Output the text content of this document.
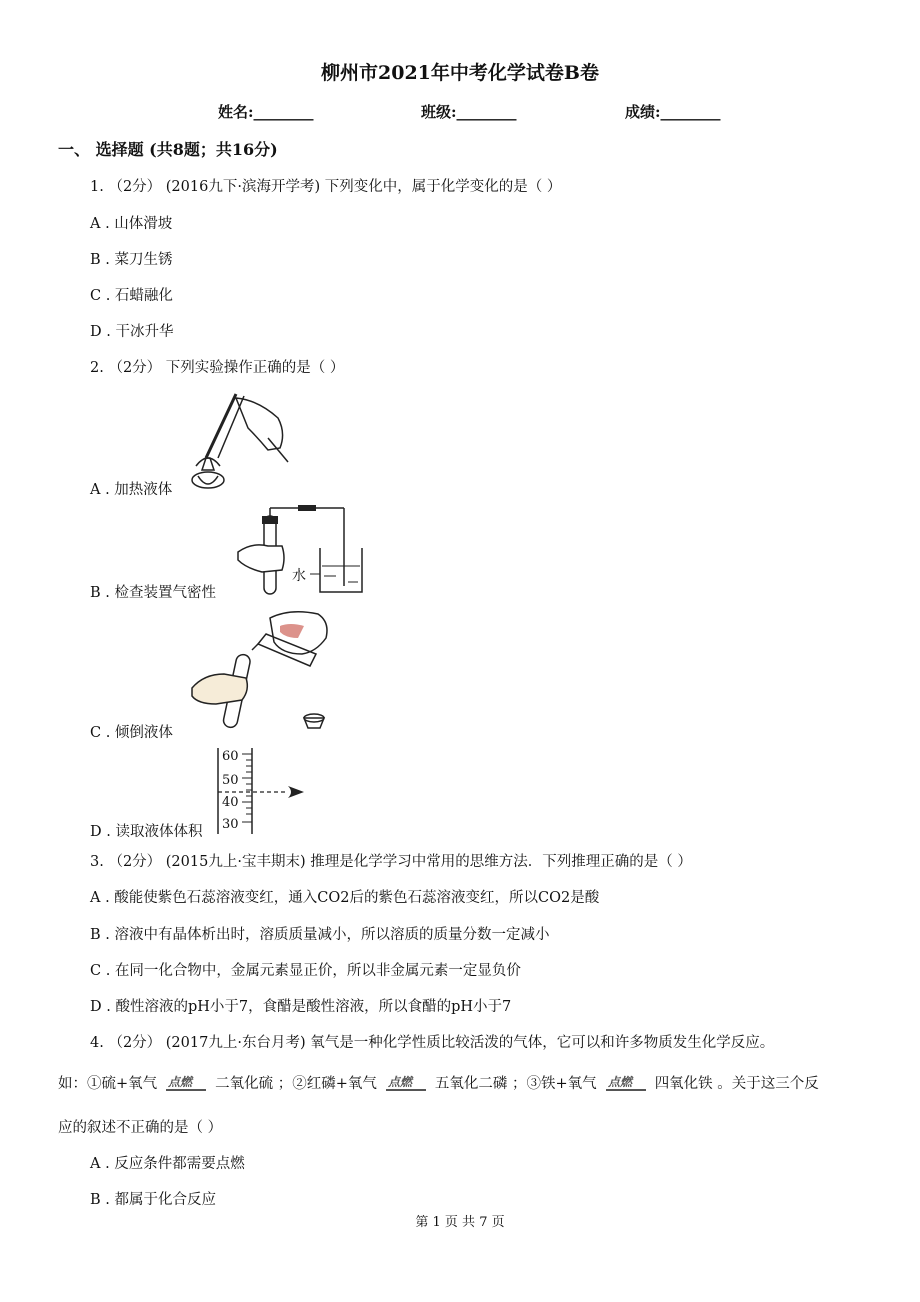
柳州市2021年中考化学试卷B卷
姓名:________	班级:________	成绩:________
一、 选择题 (共8题；共16分)
1. （2分） (2016九下·滨海开学考) 下列变化中，属于化学变化的是（ ）
A . 山体滑坡
B . 菜刀生锈
C . 石蜡融化
D . 干冰升华
2. （2分） 下列实验操作正确的是（ ）
A . 加热液体
水
B . 检查装置气密性
C . 倾倒液体
60
50
40
30
D . 读取液体体积
3. （2分） (2015九上·宝丰期末) 推理是化学学习中常用的思维方法．下列推理正确的是（ ）
A . 酸能使紫色石蕊溶液变红，通入CO2后的紫色石蕊溶液变红，所以CO2是酸
B . 溶液中有晶体析出时，溶质质量减小，所以溶质的质量分数一定减小
C . 在同一化合物中，金属元素显正价，所以非金属元素一定显负价
D . 酸性溶液的pH小于7，食醋是酸性溶液，所以食醋的pH小于7
4. （2分） (2017九上·东台月考) 氧气是一种化学性质比较活泼的气体，它可以和许多物质发生化学反应。
如：①硫+氧气 点燃 二氧化硫 ；②红磷+氧气 点燃 五氧化二磷 ；③铁+氧气 点燃 四氧化铁 。关于这三个反
应的叙述不正确的是（ ）
A . 反应条件都需要点燃
B . 都属于化合反应
第 1 页 共 7 页
